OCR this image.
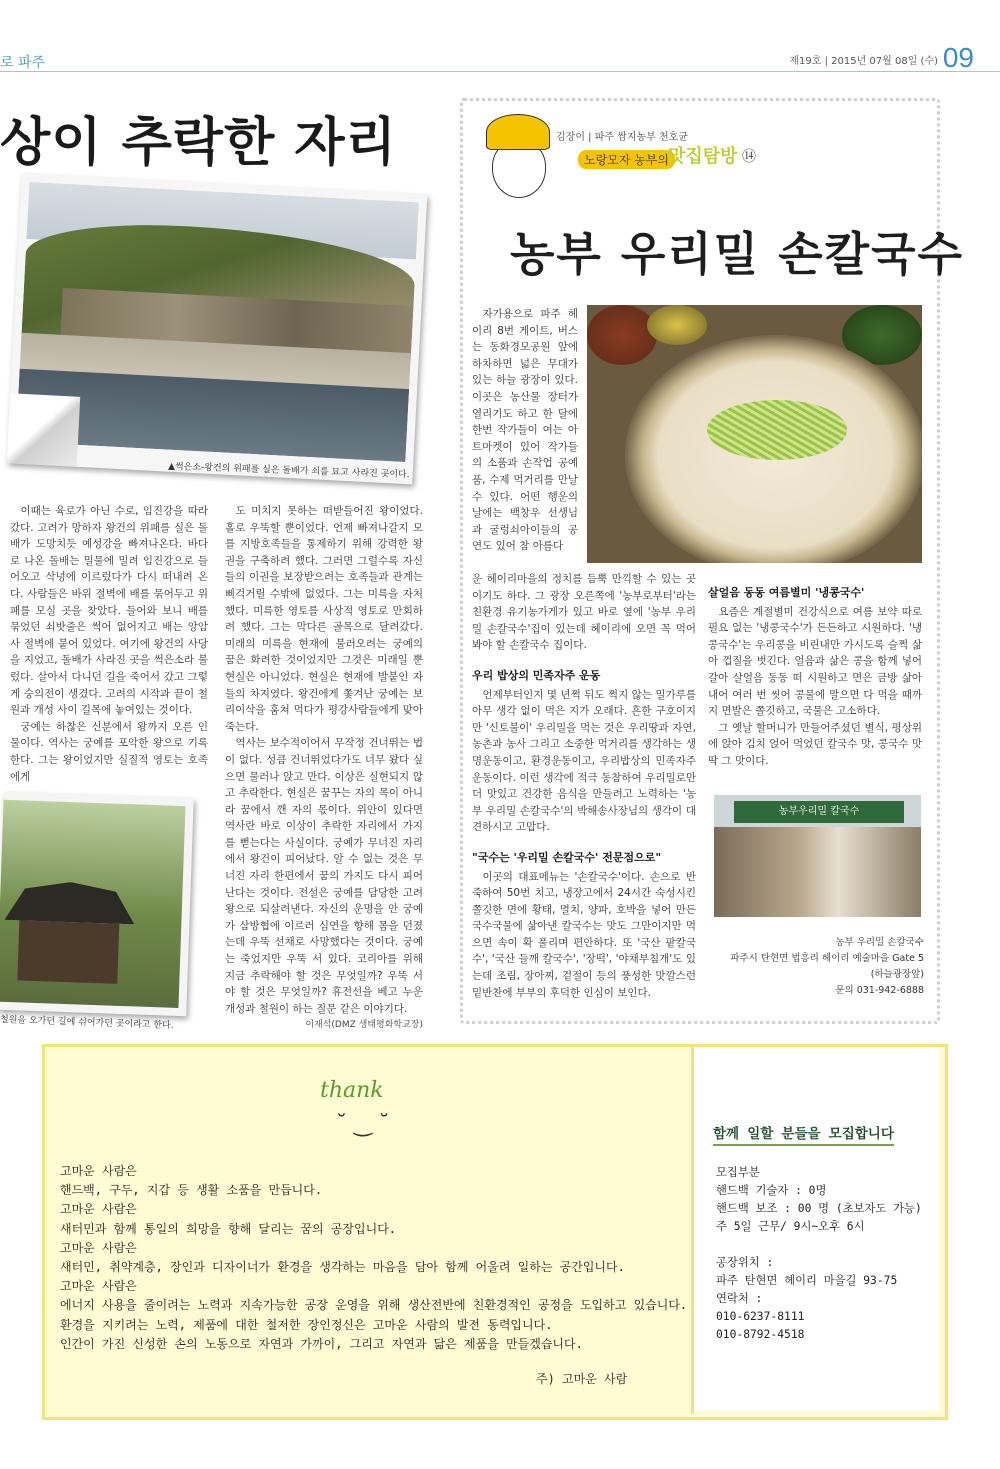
로 파주	제19호 | 2015년 07월 08일 (수) 09
상이 추락한 자리
▲썩은소-왕건의 위패를 실은 돌배가 쇠를 묘고 사라진 곳이다.

이때는 육로가 아닌 수로, 임진강을 따라갔다. 고려가 망하자 왕건의 위패를 실은 돌배가 도망치듯 예성강을 빠져나온다. 바다로 나온 돌배는 밀물에 밀려 임진강으로 들어오고 삭녕에 이르렀다가 다시 떠내려 온다. 사람들은 바위 절벽에 배를 묶어두고 위패를 모실 곳을 찾았다. 들어와 보니 배를 묶었던 쇠밧줄은 썩어 없어지고 배는 앙암사 절벽에 붙어 있었다. 여기에 왕건의 사당을 지었고, 돌배가 사라진 곳을 썩은소라 불렀다. 살아서 다니던 길을 죽어서 갔고 그렇게 숭의전이 생겼다. 고려의 시작과 끝이 철원과 개성 사이 길목에 놓여있는 것이다.

궁예는 하찮은 신분에서 왕까지 오른 인물이다. 역사는 궁예를 포악한 왕으로 기록한다. 그는 왕이었지만 실질적 영토는 호족에게

도 미치지 못하는 떠받들어진 왕이었다. 홀로 우뚝할 뿐이었다. 언제 빠져나갈지 모를 지방호족들을 통제하기 위해 강력한 왕권을 구축하려 했다. 그러면 그럴수록 자신들의 이권을 보장받으려는 호족들과 관계는 삐걱거릴 수밖에 없었다. 그는 미륵을 자처했다. 미륵한 영토를 사상적 영토로 만회하려 했다. 그는 막다른 골목으로 달려갔다. 미래의 미륵을 현재에 불러오려는 궁예의 꿈은 화려한 것이었지만 그것은 미래일 뿐 현실은 아니었다. 현실은 현재에 발붙인 자들의 차지였다. 왕건에게 쫓겨난 궁예는 보리이삭을 훔쳐 먹다가 평강사람들에게 맞아 죽는다.

역사는 보수적이어서 무작정 건너뛰는 법이 없다. 성큼 건너뛰었다가도 너무 왔다 싶으면 물러나 앉고 만다. 이상은 실현되지 않고 추락한다. 현실은 꿈꾸는 자의 목이 아니라 꿈에서 깬 자의 몫이다. 위안이 있다면 역사란 바로 이상이 추락한 자리에서 가지를 뻗는다는 사실이다. 궁예가 무너진 자리에서 왕건이 피어났다. 알 수 없는 것은 무너진 자리 한편에서 꿈의 가지도 다시 피어난다는 것이다. 전설은 궁예를 담당한 고려왕으로 되살려낸다. 자신의 운명을 안 궁예가 삼방협에 이르러 심연을 향해 몸을 던졌는데 우뚝 선채로 사망했다는 것이다. 궁예는 죽었지만 우뚝 서 있다. 코리아를 위해 지금 추락해야 할 것은 무엇일까? 우뚝 서야 할 것은 무엇일까? 휴전선을 베고 누운 개성과 철원이 하는 질문 같은 이야기다.

이재석(DMZ 생태평화학교장)
철원을 오가던 길에 쉬어가던 곳이라고 한다.
김장이 | 파주 쌈지농부 천호균
노랑모자 농부의 맛집탐방 ⑭
농부 우리밀 손칼국수

자가용으로 파주 헤이리 8번 게이트, 버스는 동화경모공원 앞에 하차하면 넓은 무대가 있는 하늘 광장이 있다. 이곳은 농산물 장터가 열리기도 하고 한 달에 한번 작가들이 여는 아트마켓이 있어 작가들의 소품과 손작업 공예품, 수제 먹거리를 만날 수 있다. 어떤 행운의 날에는 백창우 선생님과 굴렁쇠아이들의 공연도 있어 참 아름다

운 헤이리마을의 정치를 듬뿍 만끽할 수 있는 곳이기도 하다. 그 광장 오른쪽에 '농부로부터'라는 친환경 유기농가게가 있고 바로 옆에 '농부 우리밀 손칼국수'집이 있는데 헤이리에 오면 꼭 먹어봐야 할 손칼국수 집이다.

우리 밥상의 민족자주 운동

언제부터인지 몇 년쩍 뒤도 쩍지 않는 밀가루를 아무 생각 없이 먹은 지가 오래다. 흔한 구호이지만 '신토불이' 우리밀을 먹는 것은 우리땅과 자연, 농촌과 농사 그리고 소중한 먹거리를 생각하는 생명운동이고, 환경운동이고, 우리밥상의 민족자주운동이다. 이런 생각에 적극 동참하여 우리밀로만 더 맛있고 건강한 음식을 만들려고 노력하는 '농부 우리밀 손칼국수'의 박해송사장님의 생각이 대견하시고 고맙다.

"국수는 '우리밀 손칼국수' 전문점으로"

이곳의 대표메뉴는 '손칼국수'이다. 손으로 반죽하여 50번 치고, 냉장고에서 24시간 숙성시킨 쫄깃한 면에 황태, 멸치, 양파, 호박을 넣어 만든 국수국물에 삶아낸 칼국수는 맛도 그만이지만 먹으면 속이 확 풀리며 편안하다. 또 '국산 팥칼국수', '국산 들깨 칼국수', '장떡', '야채부침개'도 있는데 조림, 장아찌, 겉절이 등의 풍성한 맛깔스런 밑반찬에 부부의 후덕한 인심이 보인다.

살얼음 동동 여름별미 '냉콩국수'

요즘은 계절별미 건강식으로 여름 보약 따로 필요 없는 '냉콩국수'가 든든하고 시원하다. '냉콩국수'는 우리콩을 비린내만 가시도록 슬쩍 삶아 껍질을 벗긴다. 얼음과 삶은 콩을 함께 넣어 갈아 살얼음 동동 떠 시원하고 면은 금방 삶아 내어 여러 번 씻어 콩물에 말으면 다 먹을 때까지 면발은 쫄깃하고, 국물은 고소하다.

그 옛날 할머니가 만들어주셨던 별식, 평상위에 앉아 김치 얹어 먹었던 칼국수 맛, 콩국수 맛 딱 그 맛이다.

농부우리밀 칼국수
농부 우리밀 손칼국수
파주시 탄현면 법흥리 헤이리 예술마을 Gate 5
(하늘광장앞)
문의 031-942-6888
thank
˘ ‿ ˘
고마운 사람은
핸드백, 구두, 지갑 등 생활 소품을 만듭니다.
고마운 사람은
새터민과 함께 통일의 희망을 향해 달리는 꿈의 공장입니다.
고마운 사람은
새터민, 취약계층, 장인과 디자이너가 환경을 생각하는 마음을 담아 함께 어울려 일하는 공간입니다.
고마운 사람은
에너지 사용을 줄이려는 노력과 지속가능한 공장 운영을 위해 생산전반에 친환경적인 공정을 도입하고 있습니다.
환경을 지키려는 노력, 제품에 대한 철저한 장인정신은 고마운 사람의 발전 동력입니다.
인간이 가진 신성한 손의 노동으로 자연과 가까이, 그리고 자연과 닮은 제품을 만들겠습니다.
주) 고마운 사람
함께 일할 분들을 모집합니다
모집부분
핸드백 기술자 : 0명
핸드백 보조 : 00 명 (초보자도 가능)
주 5일 근무/ 9시~오후 6시

공장위치 :
파주 탄현면 헤이리 마을길 93-75
연락처 :
010-6237-8111
010-8792-4518
